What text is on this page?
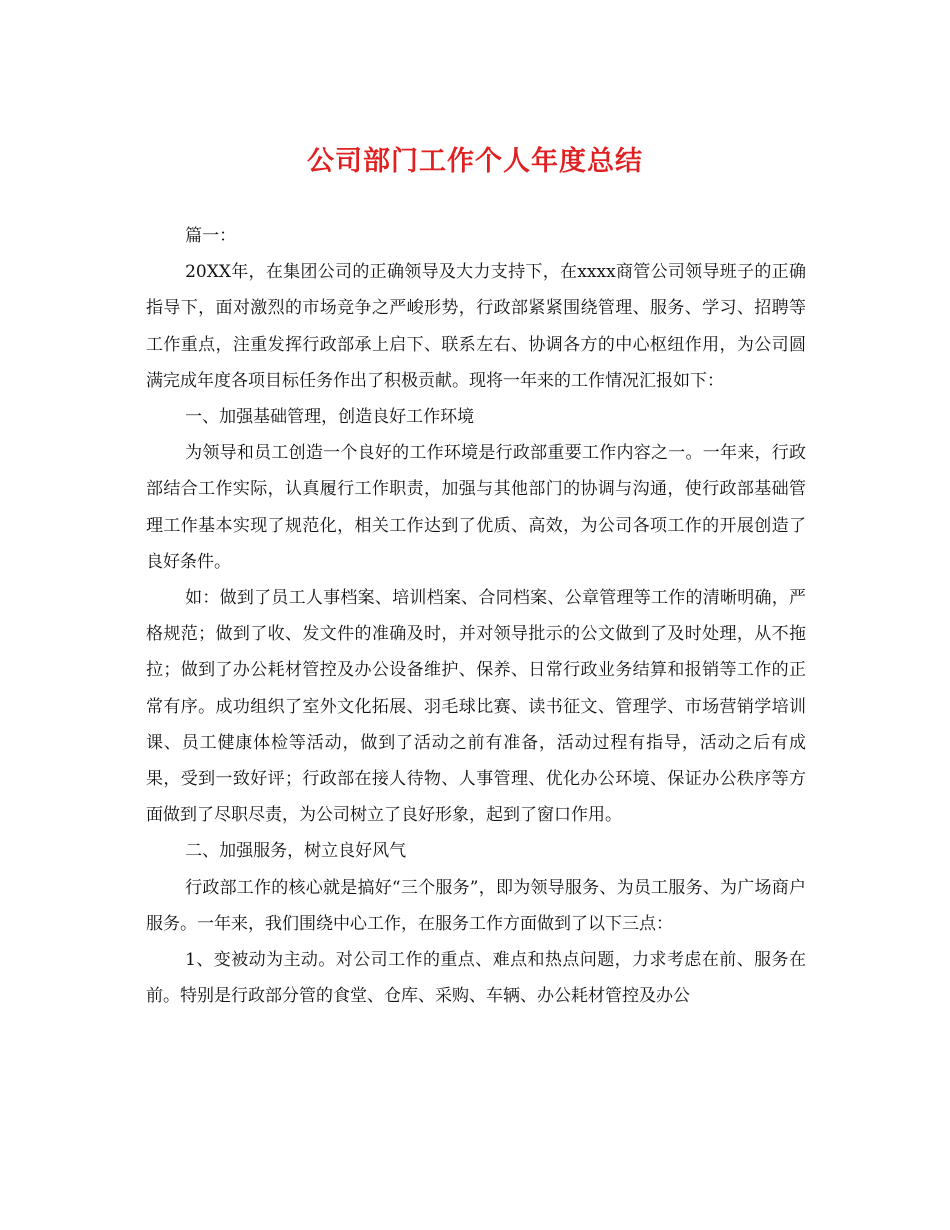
公司部门工作个人年度总结

篇一：

20XX年，在集团公司的正确领导及大力支持下，在xxxx商管公司领导班子的正确指导下，面对激烈的市场竞争之严峻形势，行政部紧紧围绕管理、服务、学习、招聘等工作重点，注重发挥行政部承上启下、联系左右、协调各方的中心枢纽作用，为公司圆满完成年度各项目标任务作出了积极贡献。现将一年来的工作情况汇报如下：

一、加强基础管理，创造良好工作环境

为领导和员工创造一个良好的工作环境是行政部重要工作内容之一。一年来，行政部结合工作实际，认真履行工作职责，加强与其他部门的协调与沟通，使行政部基础管理工作基本实现了规范化，相关工作达到了优质、高效，为公司各项工作的开展创造了良好条件。

如：做到了员工人事档案、培训档案、合同档案、公章管理等工作的清晰明确，严格规范；做到了收、发文件的准确及时，并对领导批示的公文做到了及时处理，从不拖拉；做到了办公耗材管控及办公设备维护、保养、日常行政业务结算和报销等工作的正常有序。成功组织了室外文化拓展、羽毛球比赛、读书征文、管理学、市场营销学培训课、员工健康体检等活动，做到了活动之前有准备，活动过程有指导，活动之后有成果，受到一致好评；行政部在接人待物、人事管理、优化办公环境、保证办公秩序等方面做到了尽职尽责，为公司树立了良好形象，起到了窗口作用。

二、加强服务，树立良好风气

行政部工作的核心就是搞好“三个服务”，即为领导服务、为员工服务、为广场商户服务。一年来，我们围绕中心工作，在服务工作方面做到了以下三点：

1、变被动为主动。对公司工作的重点、难点和热点问题，力求考虑在前、服务在前。特别是行政部分管的食堂、仓库、采购、车辆、办公耗材管控及办公
